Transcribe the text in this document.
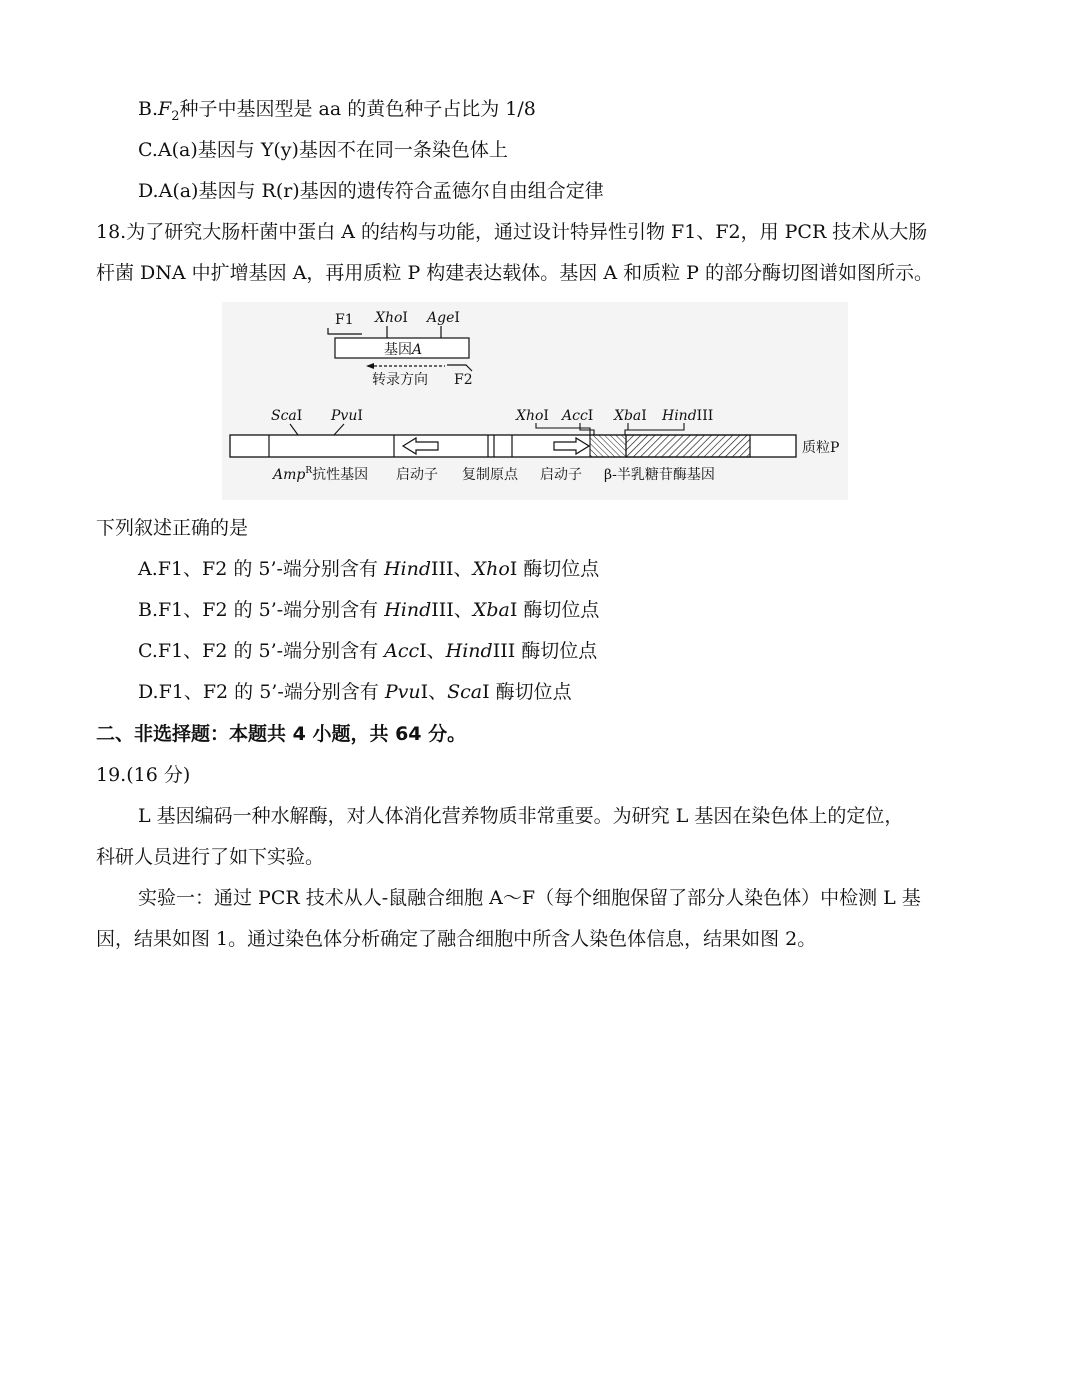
$B.F_2$种子中基因型是 aa 的黄色种子占比为 1/8
C.A(a)基因与 Y(y)基因不在同一条染色体上
D.A(a)基因与 R(r)基因的遗传符合孟德尔自由组合定律
18.为了研究大肠杆菌中蛋白 A 的结构与功能，通过设计特异性引物 F1、F2，用 PCR 技术从大肠
杆菌 DNA 中扩增基因 A，再用质粒 P 构建表达载体。基因 A 和质粒 P 的部分酶切图谱如图所示。
F1 XhoI AgeI
基因A
转录方向 F2
ScaI PvuI	XhoI AccI XbaI HindIII
质粒P
Amp$^R$抗性基因 启动子 复制原点 启动子 β-半乳糖苷酶基因
下列叙述正确的是
A.F1、F2 的 5’-端分别含有 HindIII、XhoI 酶切位点
B.F1、F2 的 5’-端分别含有 HindIII、XbaI 酶切位点
C.F1、F2 的 5’-端分别含有 AccI、HindIII 酶切位点
D.F1、F2 的 5’-端分别含有 PvuI、ScaI 酶切位点
二、非选择题：本题共 4 小题，共 64 分。
19.(16 分)
L 基因编码一种水解酶，对人体消化营养物质非常重要。为研究 L 基因在染色体上的定位，
科研人员进行了如下实验。
实验一：通过 PCR 技术从人-鼠融合细胞 A～F（每个细胞保留了部分人染色体）中检测 L 基
因，结果如图 1。通过染色体分析确定了融合细胞中所含人染色体信息，结果如图 2。
